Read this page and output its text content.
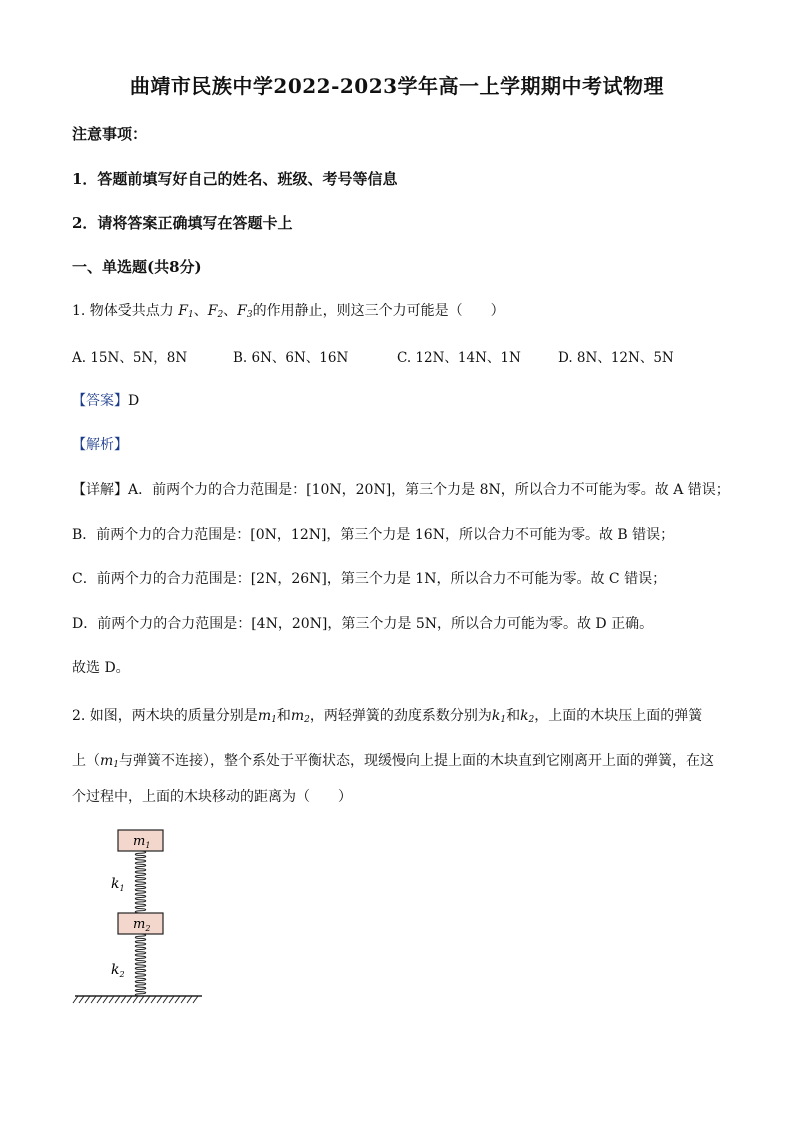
曲靖市民族中学2022-2023学年高一上学期期中考试物理
注意事项：
1．答题前填写好自己的姓名、班级、考号等信息
2．请将答案正确填写在答题卡上
一、单选题(共8分)
1. 物体受共点力 $F_1$、$F_2$、$F_3$的作用静止，则这三个力可能是（　　）
A. 15N、5N，8N	B. 6N、6N、16N	C. 12N、14N、1N	D. 8N、12N、5N
【答案】D
【解析】
【详解】A．前两个力的合力范围是：[10N，20N]，第三个力是 8N，所以合力不可能为零。故 A 错误；
B．前两个力的合力范围是：[0N，12N]，第三个力是 16N，所以合力不可能为零。故 B 错误；
C．前两个力的合力范围是：[2N，26N]，第三个力是 1N，所以合力不可能为零。故 C 错误；
D．前两个力的合力范围是：[4N，20N]，第三个力是 5N，所以合力可能为零。故 D 正确。
故选 D。
2. 如图，两木块的质量分别是$m_1$和$m_2$，两轻弹簧的劲度系数分别为$k_1$和$k_2$，上面的木块压上面的弹簧
上（$m_1$与弹簧不连接），整个系处于平衡状态，现缓慢向上提上面的木块直到它刚离开上面的弹簧，在这
个过程中，上面的木块移动的距离为（　　）
$m_1$
$k_1$
$m_2$
$k_2$
